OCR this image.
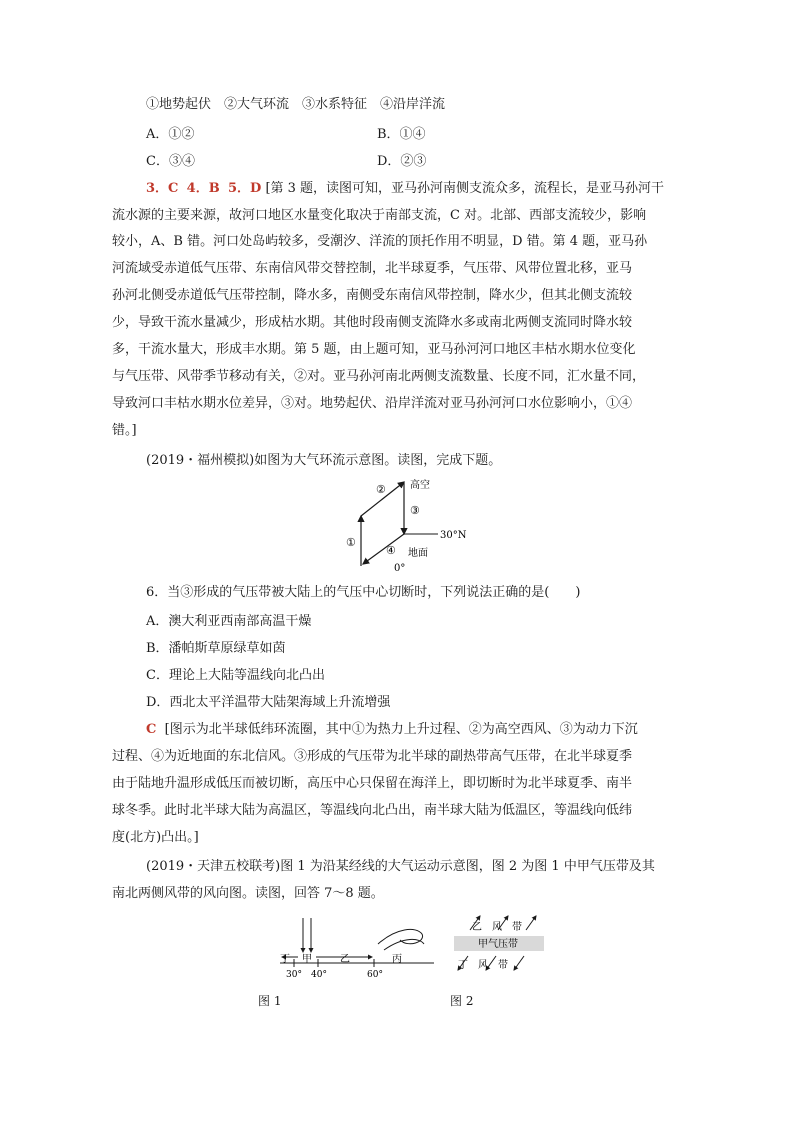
①地势起伏　②大气环流　③水系特征　④沿岸洋流
A．①②	B．①④
C．③④	D．②③
3．C 4．B 5．D [第 3 题，读图可知，亚马孙河南侧支流众多，流程长，是亚马孙河干
流水源的主要来源，故河口地区水量变化取决于南部支流，C 对。北部、西部支流较少，影响
较小，A、B 错。河口处岛屿较多，受潮汐、洋流的顶托作用不明显，D 错。第 4 题，亚马孙
河流域受赤道低气压带、东南信风带交替控制，北半球夏季，气压带、风带位置北移，亚马
孙河北侧受赤道低气压带控制，降水多，南侧受东南信风带控制，降水少，但其北侧支流较
少，导致干流水量减少，形成枯水期。其他时段南侧支流降水多或南北两侧支流同时降水较
多，干流水量大，形成丰水期。第 5 题，由上题可知，亚马孙河河口地区丰枯水期水位变化
与气压带、风带季节移动有关，②对。亚马孙河南北两侧支流数量、长度不同，汇水量不同，
导致河口丰枯水期水位差异，③对。地势起伏、沿岸洋流对亚马孙河河口水位影响小，①④
错。]
(2019・福州模拟)如图为大气环流示意图。读图，完成下题。
② 高空
③
①
30°N
④ 地面
0°
6．当③形成的气压带被大陆上的气压中心切断时，下列说法正确的是(　　)
A．澳大利亚西南部高温干燥
B．潘帕斯草原绿草如茵
C．理论上大陆等温线向北凸出
D．西北太平洋温带大陆架海域上升流增强
C [图示为北半球低纬环流圈，其中①为热力上升过程、②为高空西风、③为动力下沉
过程、④为近地面的东北信风。③形成的气压带为北半球的副热带高气压带，在北半球夏季
由于陆地升温形成低压而被切断，高压中心只保留在海洋上，即切断时为北半球夏季、南半
球冬季。此时北半球大陆为高温区，等温线向北凸出，南半球大陆为低温区，等温线向低纬
度(北方)凸出。]
(2019・天津五校联考)图 1 为沿某经线的大气运动示意图，图 2 为图 1 中甲气压带及其
南北两侧风带的风向图。读图，回答 7～8 题。
丁 甲	乙	丙
30° 40°	60°
图 1
乙　风　带
甲气压带
丁　风　带
图 2
